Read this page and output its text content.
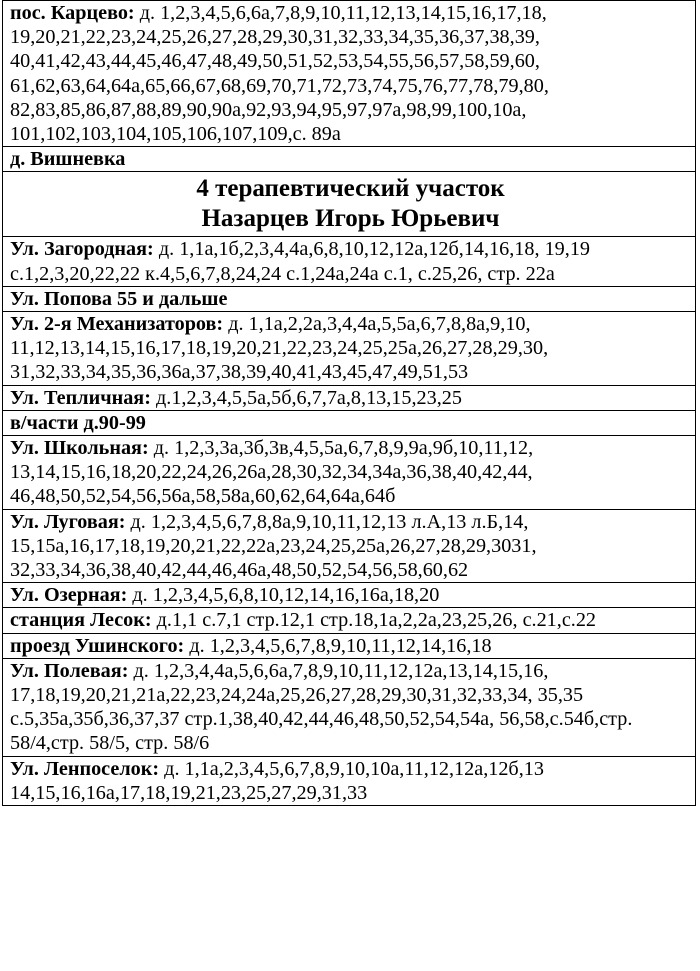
пос. Карцево: д. 1,2,3,4,5,6,6а,7,8,9,10,11,12,13,14,15,16,17,18, 19,20,21,22,23,24,25,26,27,28,29,30,31,32,33,34,35,36,37,38,39, 40,41,42,43,44,45,46,47,48,49,50,51,52,53,54,55,56,57,58,59,60, 61,62,63,64,64а,65,66,67,68,69,70,71,72,73,74,75,76,77,78,79,80, 82,83,85,86,87,88,89,90,90а,92,93,94,95,97,97а,98,99,100,10а, 101,102,103,104,105,106,107,109,с. 89а
д. Вишневка

4 терапевтический участок
Назарцев Игорь Юрьевич

Ул. Загородная: д. 1,1а,1б,2,3,4,4а,6,8,10,12,12а,12б,14,16,18, 19,19 с.1,2,3,20,22,22 к.4,5,6,7,8,24,24 с.1,24а,24а с.1, с.25,26, стр. 22а
Ул. Попова 55 и дальше
Ул. 2-я Механизаторов: д. 1,1а,2,2а,3,4,4а,5,5а,6,7,8,8а,9,10, 11,12,13,14,15,16,17,18,19,20,21,22,23,24,25,25а,26,27,28,29,30, 31,32,33,34,35,36,36а,37,38,39,40,41,43,45,47,49,51,53
Ул. Тепличная: д.1,2,3,4,5,5а,5б,6,7,7а,8,13,15,23,25
в/части д.90-99
Ул. Школьная: д. 1,2,3,3а,3б,3в,4,5,5а,6,7,8,9,9а,9б,10,11,12, 13,14,15,16,18,20,22,24,26,26а,28,30,32,34,34а,36,38,40,42,44, 46,48,50,52,54,56,56а,58,58а,60,62,64,64а,64б
Ул. Луговая: д. 1,2,3,4,5,6,7,8,8а,9,10,11,12,13 л.А,13 л.Б,14, 15,15а,16,17,18,19,20,21,22,22а,23,24,25,25а,26,27,28,29,3031, 32,33,34,36,38,40,42,44,46,46а,48,50,52,54,56,58,60,62
Ул. Озерная: д. 1,2,3,4,5,6,8,10,12,14,16,16а,18,20
станция Лесок: д.1,1 с.7,1 стр.12,1 стр.18,1а,2,2а,23,25,26, с.21,с.22
проезд Ушинского: д. 1,2,3,4,5,6,7,8,9,10,11,12,14,16,18
Ул. Полевая: д. 1,2,3,4,4а,5,6,6а,7,8,9,10,11,12,12а,13,14,15,16, 17,18,19,20,21,21а,22,23,24,24а,25,26,27,28,29,30,31,32,33,34, 35,35 с.5,35а,35б,36,37,37 стр.1,38,40,42,44,46,48,50,52,54,54а, 56,58,с.54б,стр. 58/4,стр. 58/5, стр. 58/6
Ул. Ленпоселок: д. 1,1а,2,3,4,5,6,7,8,9,10,10а,11,12,12а,12б,13 14,15,16,16а,17,18,19,21,23,25,27,29,31,33
